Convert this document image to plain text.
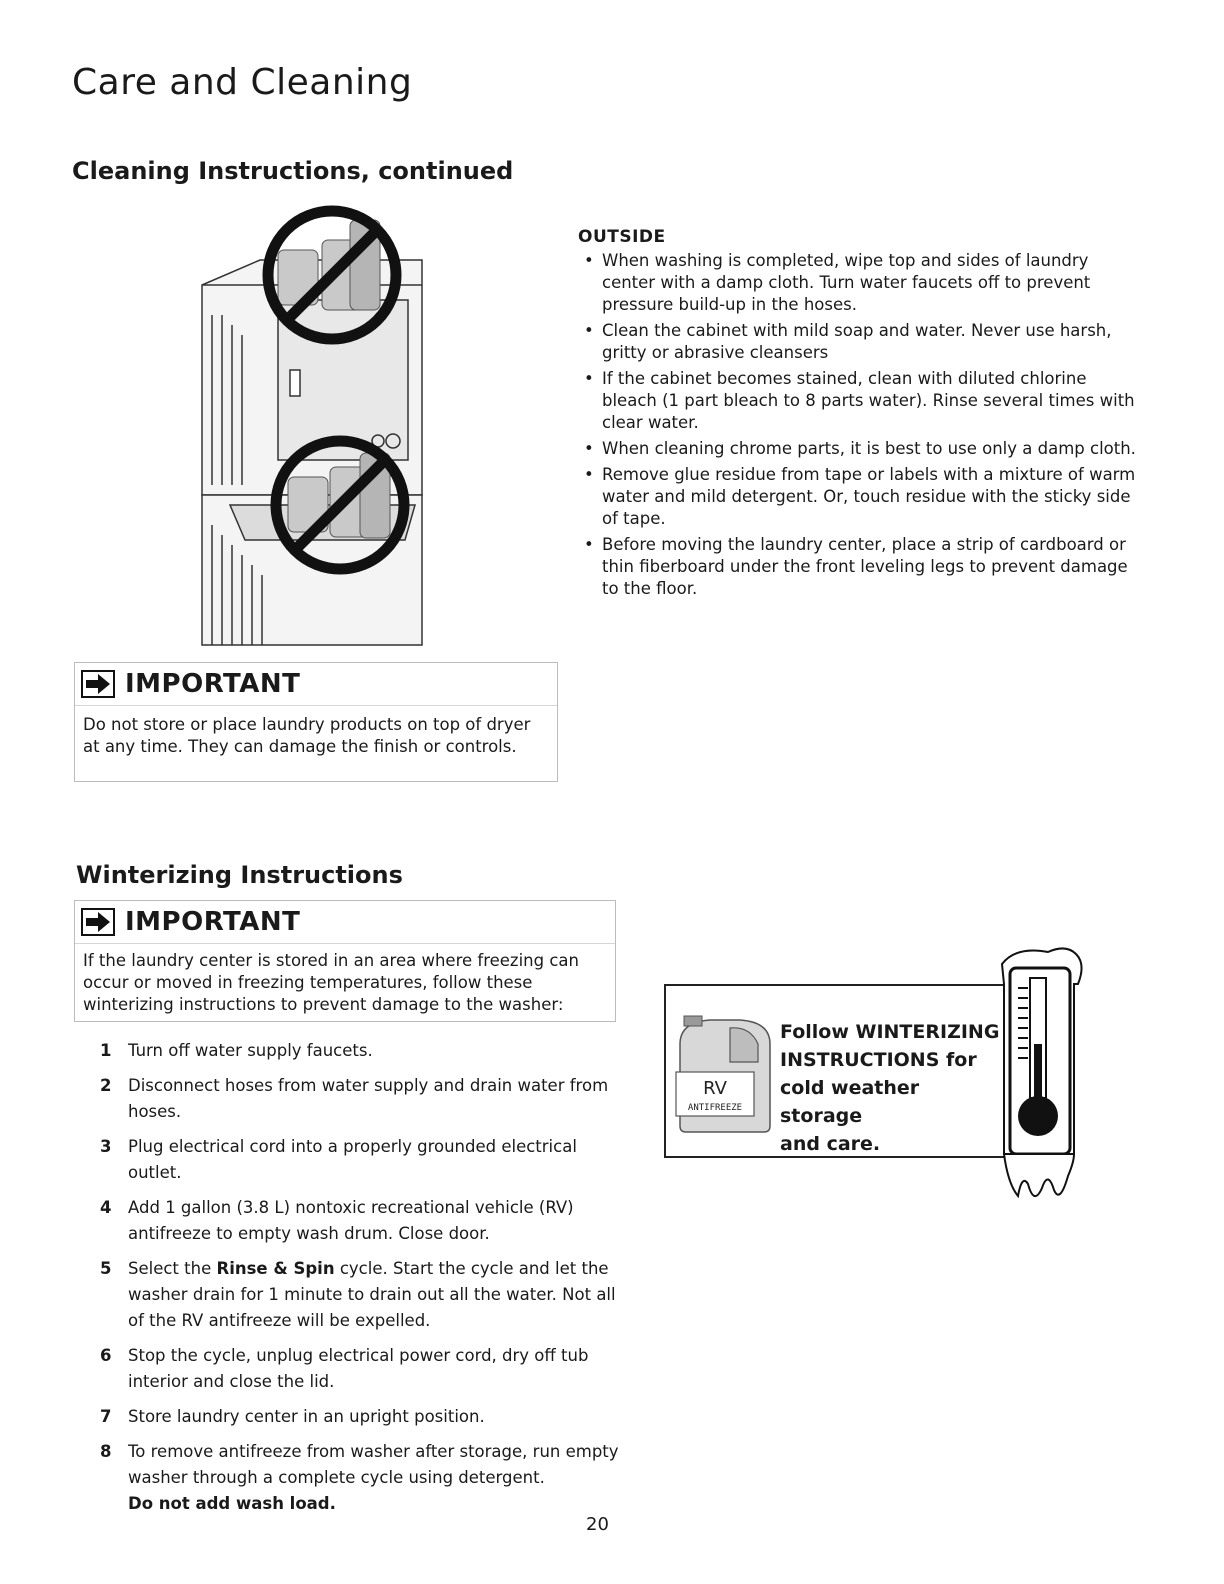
Care and Cleaning
Cleaning Instructions, continued
IMPORTANT
Do not store or place laundry products on top of dryer at any time. They can damage the finish or controls.
OUTSIDE
• When washing is completed, wipe top and sides of laundry center with a damp cloth. Turn water faucets off to prevent pressure build-up in the hoses.
• Clean the cabinet with mild soap and water. Never use harsh, gritty or abrasive cleansers
• If the cabinet becomes stained, clean with diluted chlorine bleach (1 part bleach to 8 parts water). Rinse several times with clear water.
• When cleaning chrome parts, it is best to use only a damp cloth.
• Remove glue residue from tape or labels with a mixture of warm water and mild detergent. Or, touch residue with the sticky side of tape.
• Before moving the laundry center, place a strip of cardboard or thin fiberboard under the front leveling legs to prevent damage to the floor.
Winterizing Instructions
IMPORTANT
If the laundry center is stored in an area where freezing can occur or moved in freezing temperatures, follow these winterizing instructions to prevent damage to the washer:
1	Turn off water supply faucets.
2	Disconnect hoses from water supply and drain water from hoses.
3	Plug electrical cord into a properly grounded electrical outlet.
4	Add 1 gallon (3.8 L) nontoxic recreational vehicle (RV) antifreeze to empty wash drum. Close door.
5	Select the Rinse & Spin cycle. Start the cycle and let the washer drain for 1 minute to drain out all the water. Not all of the RV antifreeze will be expelled.
6	Stop the cycle, unplug electrical power cord, dry off tub interior and close the lid.
7	Store laundry center in an upright position.
8	To remove antifreeze from washer after storage, run empty washer through a complete cycle using detergent.
Do not add wash load.
RV
ANTIFREEZE
Follow WINTERIZING
INSTRUCTIONS for
cold weather storage
and care.
20
